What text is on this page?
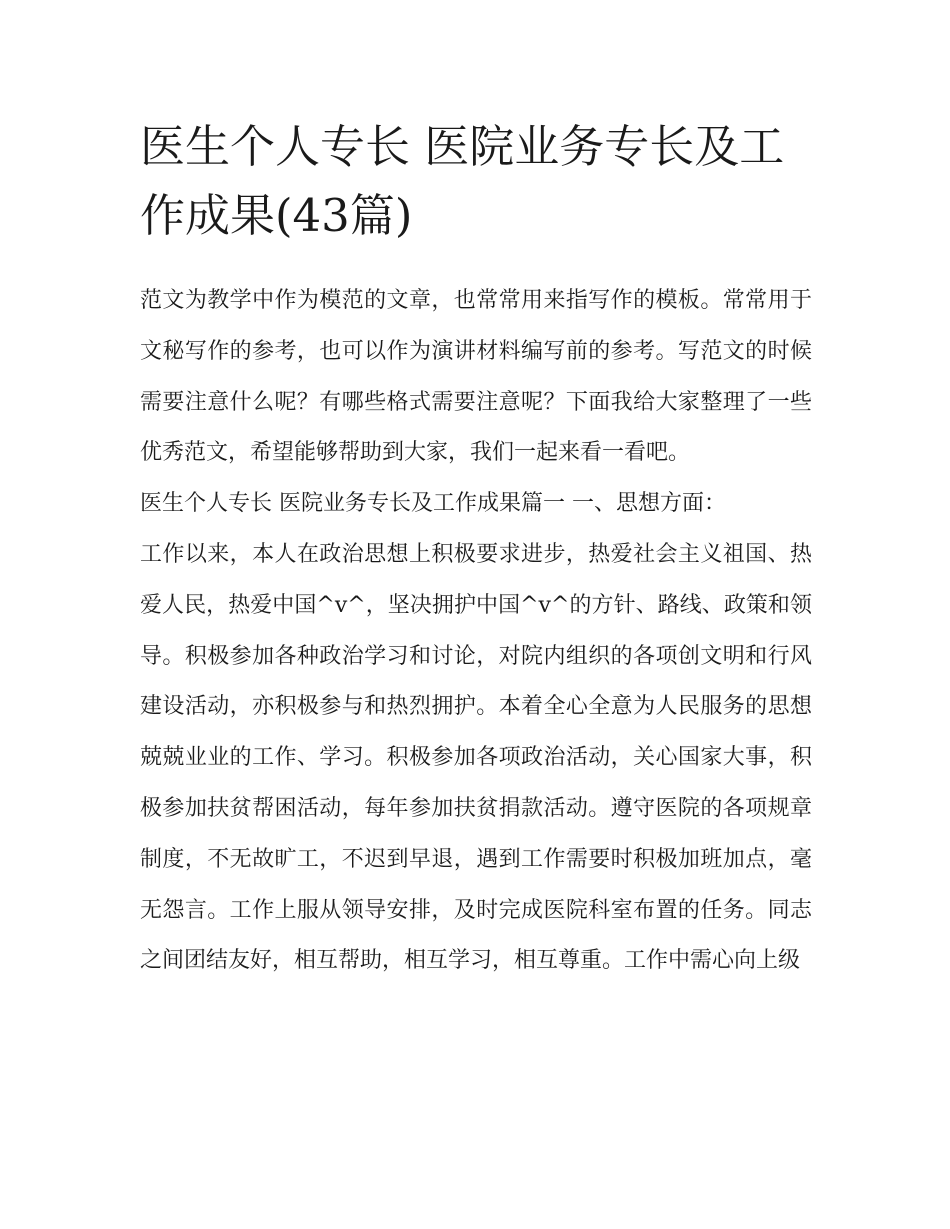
医生个人专长 医院业务专长及工作成果(43篇)

范文为教学中作为模范的文章，也常常用来指写作的模板。常常用于文秘写作的参考，也可以作为演讲材料编写前的参考。写范文的时候需要注意什么呢？有哪些格式需要注意呢？下面我给大家整理了一些优秀范文，希望能够帮助到大家，我们一起来看一看吧。

医生个人专长 医院业务专长及工作成果篇一 一、思想方面：

工作以来，本人在政治思想上积极要求进步，热爱社会主义祖国、热爱人民，热爱中国^v^，坚决拥护中国^v^的方针、路线、政策和领导。积极参加各种政治学习和讨论，对院内组织的各项创文明和行风建设活动，亦积极参与和热烈拥护。本着全心全意为人民服务的思想兢兢业业的工作、学习。积极参加各项政治活动，关心国家大事，积极参加扶贫帮困活动，每年参加扶贫捐款活动。遵守医院的各项规章制度，不无故旷工，不迟到早退，遇到工作需要时积极加班加点，毫无怨言。工作上服从领导安排，及时完成医院科室布置的任务。同志之间团结友好，相互帮助，相互学习，相互尊重。工作中需心向上级
